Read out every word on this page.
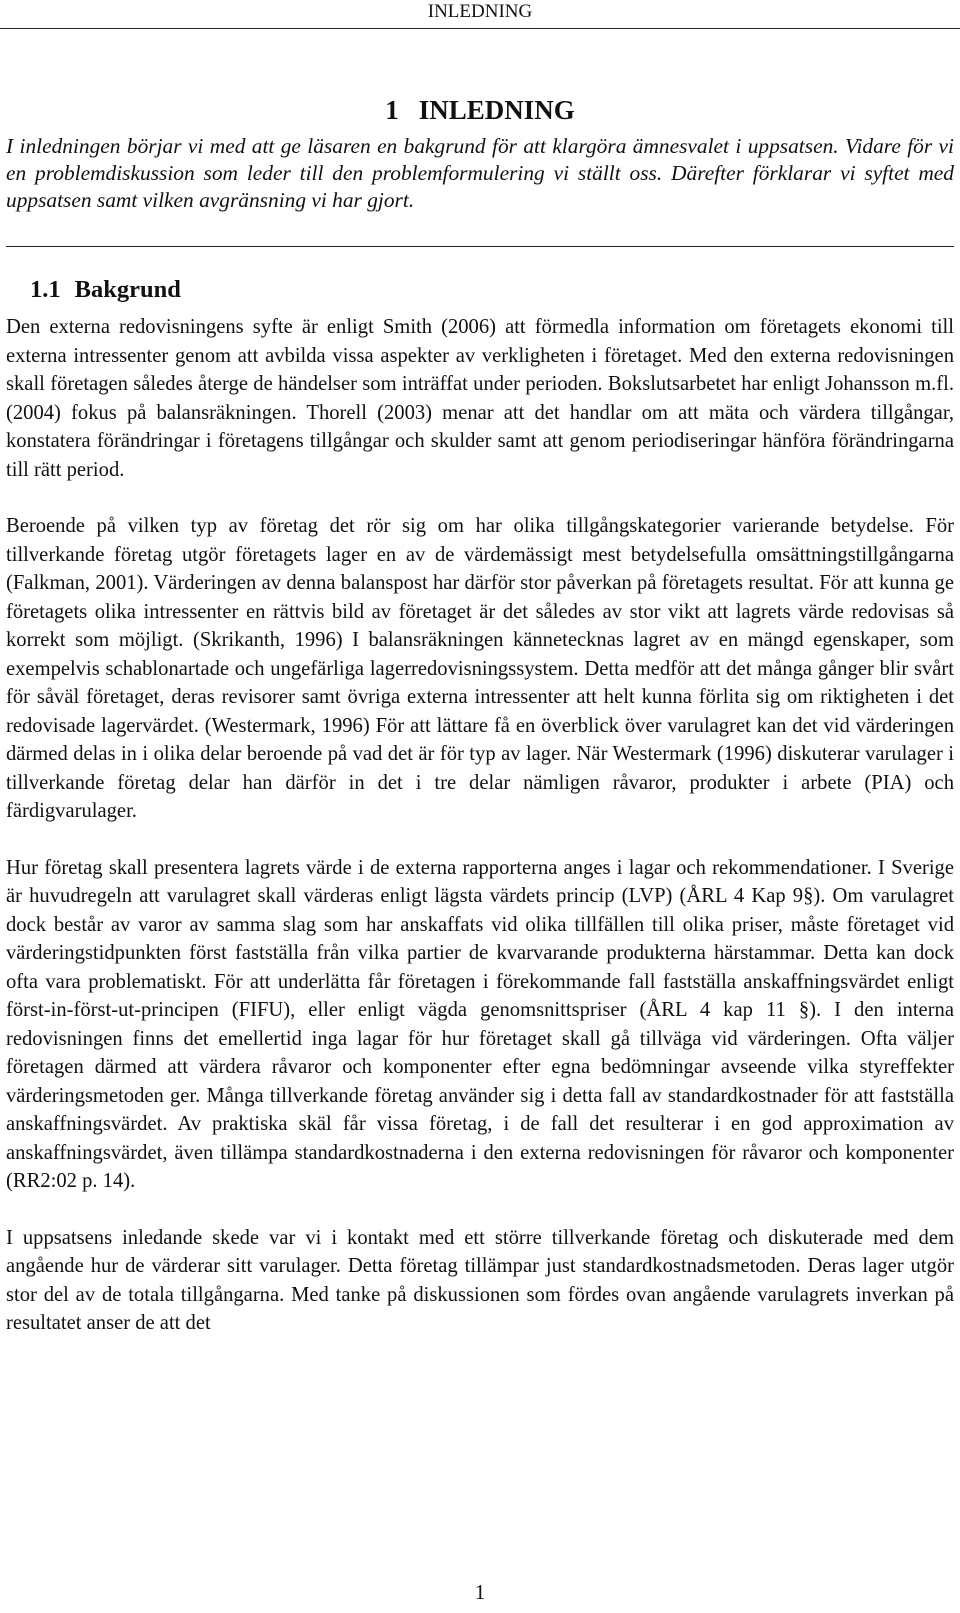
INLEDNING
1 INLEDNING

I inledningen börjar vi med att ge läsaren en bakgrund för att klargöra ämnesvalet i uppsatsen. Vidare för vi en problemdiskussion som leder till den problemformulering vi ställt oss. Därefter förklarar vi syftet med uppsatsen samt vilken avgränsning vi har gjort.

1.1 Bakgrund

Den externa redovisningens syfte är enligt Smith (2006) att förmedla information om företagets ekonomi till externa intressenter genom att avbilda vissa aspekter av verkligheten i företaget. Med den externa redovisningen skall företagen således återge de händelser som inträffat under perioden. Bokslutsarbetet har enligt Johansson m.fl. (2004) fokus på balansräkningen. Thorell (2003) menar att det handlar om att mäta och värdera tillgångar, konstatera förändringar i företagens tillgångar och skulder samt att genom periodiseringar hänföra förändringarna till rätt period.

Beroende på vilken typ av företag det rör sig om har olika tillgångskategorier varierande betydelse. För tillverkande företag utgör företagets lager en av de värdemässigt mest betydelsefulla omsättningstillgångarna (Falkman, 2001). Värderingen av denna balanspost har därför stor påverkan på företagets resultat. För att kunna ge företagets olika intressenter en rättvis bild av företaget är det således av stor vikt att lagrets värde redovisas så korrekt som möjligt. (Skrikanth, 1996) I balansräkningen kännetecknas lagret av en mängd egenskaper, som exempelvis schablonartade och ungefärliga lagerredovisningssystem. Detta medför att det många gånger blir svårt för såväl företaget, deras revisorer samt övriga externa intressenter att helt kunna förlita sig om riktigheten i det redovisade lagervärdet. (Westermark, 1996) För att lättare få en överblick över varulagret kan det vid värderingen därmed delas in i olika delar beroende på vad det är för typ av lager. När Westermark (1996) diskuterar varulager i tillverkande företag delar han därför in det i tre delar nämligen råvaror, produkter i arbete (PIA) och färdigvarulager.

Hur företag skall presentera lagrets värde i de externa rapporterna anges i lagar och rekommendationer. I Sverige är huvudregeln att varulagret skall värderas enligt lägsta värdets princip (LVP) (ÅRL 4 Kap 9§). Om varulagret dock består av varor av samma slag som har anskaffats vid olika tillfällen till olika priser, måste företaget vid värderingstidpunkten först fastställa från vilka partier de kvarvarande produkterna härstammar. Detta kan dock ofta vara problematiskt. För att underlätta får företagen i förekommande fall fastställa anskaffningsvärdet enligt först-in-först-ut-principen (FIFU), eller enligt vägda genomsnittspriser (ÅRL 4 kap 11 §). I den interna redovisningen finns det emellertid inga lagar för hur företaget skall gå tillväga vid värderingen. Ofta väljer företagen därmed att värdera råvaror och komponenter efter egna bedömningar avseende vilka styreffekter värderingsmetoden ger. Många tillverkande företag använder sig i detta fall av standardkostnader för att fastställa anskaffningsvärdet. Av praktiska skäl får vissa företag, i de fall det resulterar i en god approximation av anskaffningsvärdet, även tillämpa standardkostnaderna i den externa redovisningen för råvaror och komponenter (RR2:02 p. 14).

I uppsatsens inledande skede var vi i kontakt med ett större tillverkande företag och diskuterade med dem angående hur de värderar sitt varulager. Detta företag tillämpar just standardkostnadsmetoden. Deras lager utgör stor del av de totala tillgångarna. Med tanke på diskussionen som fördes ovan angående varulagrets inverkan på resultatet anser de att det

1
